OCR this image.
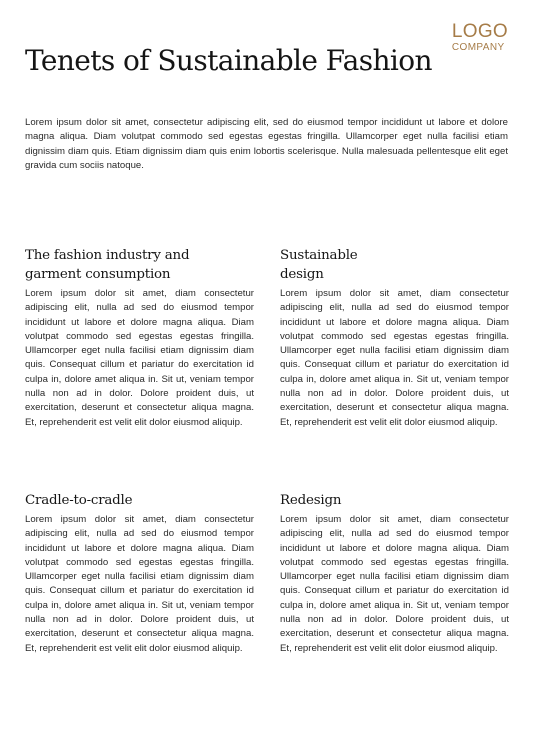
LOGO
COMPANY
Tenets of Sustainable Fashion

Lorem ipsum dolor sit amet, consectetur adipiscing elit, sed do eiusmod tempor incididunt ut labore et dolore magna aliqua. Diam volutpat commodo sed egestas egestas fringilla. Ullamcorper eget nulla facilisi etiam dignissim diam quis. Etiam dignissim diam quis enim lobortis scelerisque. Nulla malesuada pellentesque elit eget gravida cum sociis natoque.

The fashion industry and
garment consumption

Lorem ipsum dolor sit amet, diam consectetur adipiscing elit, nulla ad sed do eiusmod tempor incididunt ut labore et dolore magna aliqua. Diam volutpat commodo sed egestas egestas fringilla. Ullamcorper eget nulla facilisi etiam dignissim diam quis. Consequat cillum et pariatur do exercitation id culpa in, dolore amet aliqua in. Sit ut, veniam tempor nulla non ad in dolor. Dolore proident duis, ut exercitation, deserunt et consectetur aliqua magna. Et, reprehenderit est velit elit dolor eiusmod aliquip.

Sustainable
design

Lorem ipsum dolor sit amet, diam consectetur adipiscing elit, nulla ad sed do eiusmod tempor incididunt ut labore et dolore magna aliqua. Diam volutpat commodo sed egestas egestas fringilla. Ullamcorper eget nulla facilisi etiam dignissim diam quis. Consequat cillum et pariatur do exercitation id culpa in, dolore amet aliqua in. Sit ut, veniam tempor nulla non ad in dolor. Dolore proident duis, ut exercitation, deserunt et consectetur aliqua magna. Et, reprehenderit est velit elit dolor eiusmod aliquip.

Cradle-to-cradle

Lorem ipsum dolor sit amet, diam consectetur adipiscing elit, nulla ad sed do eiusmod tempor incididunt ut labore et dolore magna aliqua. Diam volutpat commodo sed egestas egestas fringilla. Ullamcorper eget nulla facilisi etiam dignissim diam quis. Consequat cillum et pariatur do exercitation id culpa in, dolore amet aliqua in. Sit ut, veniam tempor nulla non ad in dolor. Dolore proident duis, ut exercitation, deserunt et consectetur aliqua magna. Et, reprehenderit est velit elit dolor eiusmod aliquip.

Redesign

Lorem ipsum dolor sit amet, diam consectetur adipiscing elit, nulla ad sed do eiusmod tempor incididunt ut labore et dolore magna aliqua. Diam volutpat commodo sed egestas egestas fringilla. Ullamcorper eget nulla facilisi etiam dignissim diam quis. Consequat cillum et pariatur do exercitation id culpa in, dolore amet aliqua in. Sit ut, veniam tempor nulla non ad in dolor. Dolore proident duis, ut exercitation, deserunt et consectetur aliqua magna. Et, reprehenderit est velit elit dolor eiusmod aliquip.
